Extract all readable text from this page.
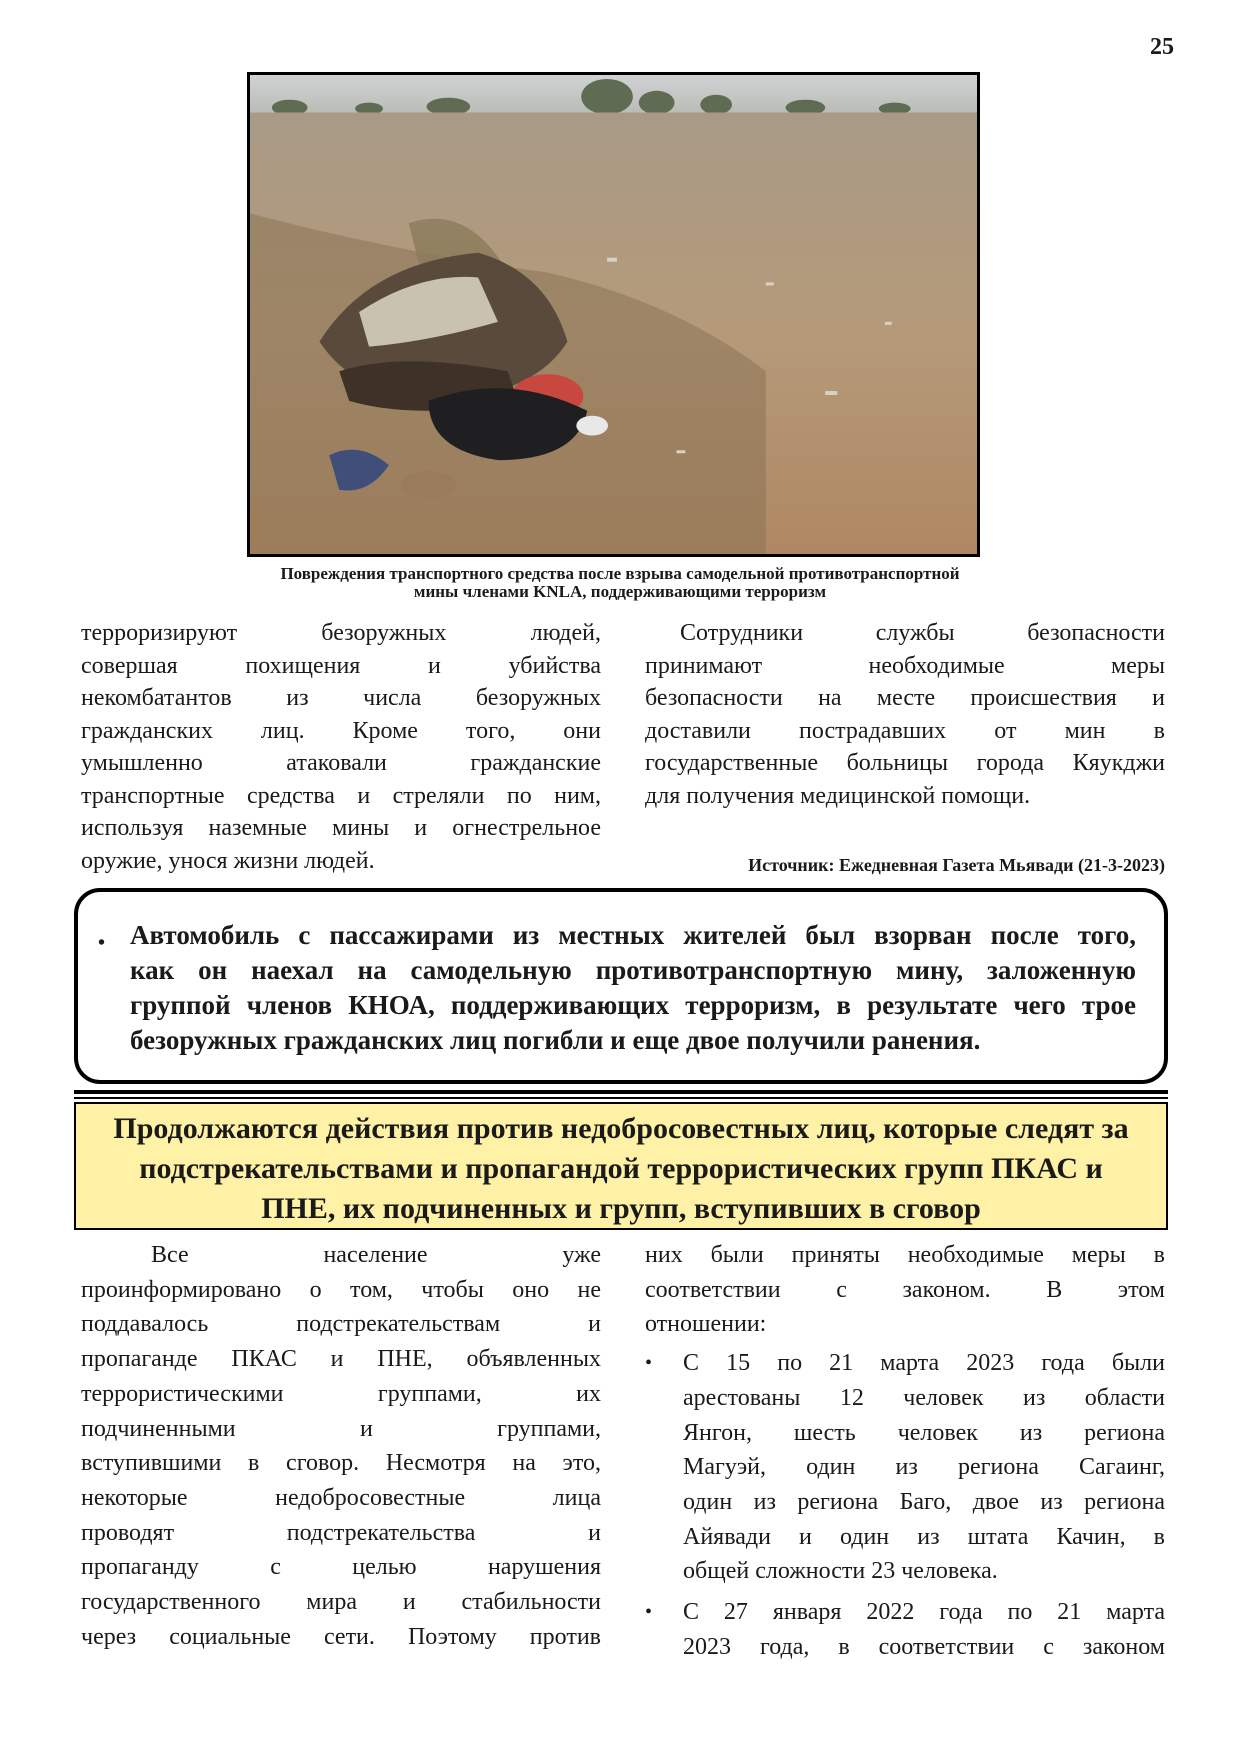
25
Повреждения транспортного средства после взрыва самодельной противотранспортной
мины членами KNLA, поддерживающими терроризм
терроризируют безоружных людей,
совершая похищения и убийства
некомбатантов из числа безоружных
гражданских лиц. Кроме того, они
умышленно атаковали гражданские
транспортные средства и стреляли по ним,
используя наземные мины и огнестрельное
оружие, унося жизни людей.
Сотрудники службы безопасности
принимают необходимые меры
безопасности на месте происшествия и
доставили пострадавших от мин в
государственные больницы города Кяукджи
для получения медицинской помощи.
Источник: Ежедневная Газета Мьявади (21-3-2023)
• Автомобиль с пассажирами из местных жителей был взорван после того,
как он наехал на самодельную противотранспортную мину, заложенную
группой членов КНОА, поддерживающих терроризм, в результате чего трое
безоружных гражданских лиц погибли и еще двое получили ранения.
Продолжаются действия против недобросовестных лиц, которые следят за
подстрекательствами и пропагандой террористических групп ПКАС и
ПНЕ, их подчиненных и групп, вступивших в сговор
Все население уже
проинформировано о том, чтобы оно не
поддавалось подстрекательствам и
пропаганде ПКАС и ПНЕ, объявленных
террористическими группами, их
подчиненными и группами,
вступившими в сговор. Несмотря на это,
некоторые недобросовестные лица
проводят подстрекательства и
пропаганду с целью нарушения
государственного мира и стабильности
через социальные сети. Поэтому против
них были приняты необходимые меры в
соответствии с законом. В этом
отношении:
• С 15 по 21 марта 2023 года были
арестованы 12 человек из области
Янгон, шесть человек из региона
Магуэй, один из региона Сагаинг,
один из региона Баго, двое из региона
Айявади и один из штата Качин, в
общей сложности 23 человека.
• С 27 января 2022 года по 21 марта
2023 года, в соответствии с законом
